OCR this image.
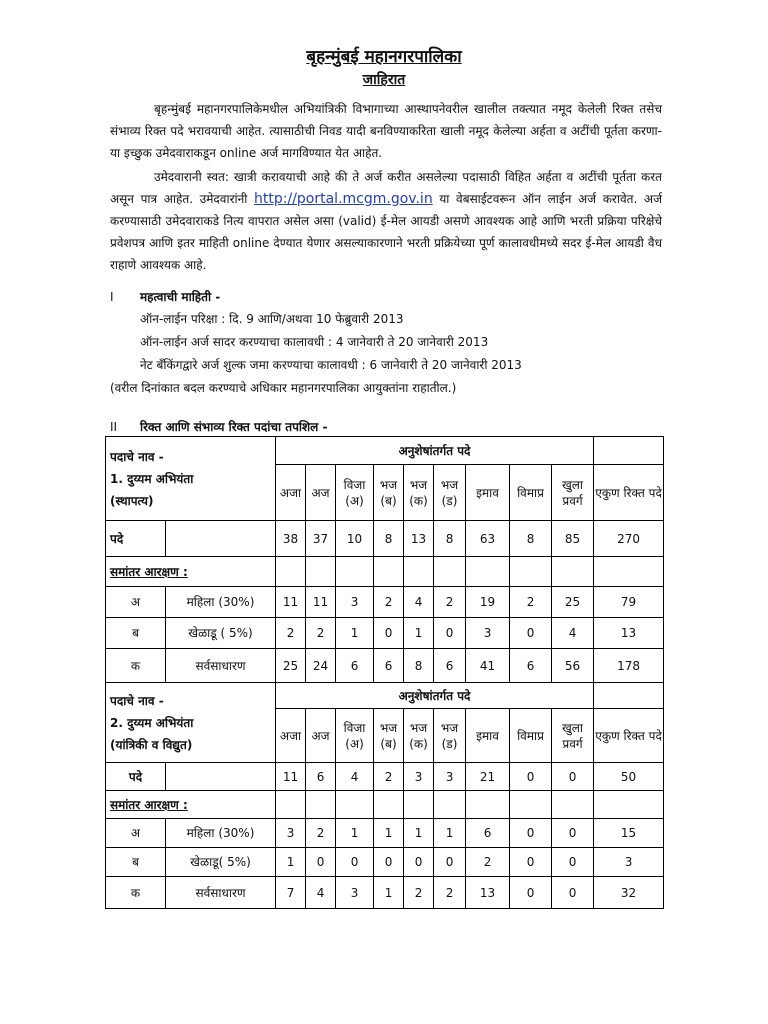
बृहन्मुंबई महानगरपालिका
जाहिरात
बृहन्मुंबई महानगरपालिकेमधील अभियांत्रिकी विभागाच्या आस्थापनेवरील खालील तक्त्यात नमूद केलेली रिक्त तसेच संभाव्य रिक्त पदे भरावयाची आहेत. त्यासाठीची निवड यादी बनविण्याकरिता खाली नमूद केलेल्या अर्हता व अटींची पूर्तता करणा-या इच्छुक उमेदवाराकडून online अर्ज मागविण्यात येत आहेत.
उमेदवारानी स्वत: खात्री करावयाची आहे की ते अर्ज करीत असलेल्या पदासाठी विहित अर्हता व अटींची पूर्तता करत असून पात्र आहेत. उमेदवारांनी http://portal.mcgm.gov.in या वेबसाईटवरून ऑन लाईन अर्ज करावेत. अर्ज करण्यासाठी उमेदवाराकडे नित्य वापरात असेल असा (valid) ई-मेल आयडी असणे आवश्यक आहे आणि भरती प्रक्रिया परिक्षेचे प्रवेशपत्र आणि इतर माहिती online देण्यात येणार असल्याकारणाने भरती प्रक्रियेच्या पूर्ण कालावधीमध्ये सदर ई-मेल आयडी वैध राहाणे आवश्यक आहे.
I महत्वाची माहिती -
ऑन-लाईन परिक्षा : दि. 9 आणि/अथवा 10 फेब्रुवारी 2013
ऑन-लाईन अर्ज सादर करण्याचा कालावधी : 4 जानेवारी ते 20 जानेवारी 2013
नेट बॅंकिंगद्वारे अर्ज शुल्क जमा करण्याचा कालावधी : 6 जानेवारी ते 20 जानेवारी 2013
(वरील दिनांकात बदल करण्याचे अधिकार महानगरपालिका आयुक्तांना राहातील.)
II रिक्त आणि संभाव्य रिक्त पदांचा तपशिल -
पदाचे नाव -
1. दुय्यम अभियंता
(स्थापत्य)		अनुशेषांतर्गत पदे									
		अजा	अज	विजा (अ)	भज (ब)	भज (क)	भज (ड)	इमाव	विमाप्र	खुला प्रवर्ग	एकुण रिक्त पदे
पदे		38	37	10	8	13	8	63	8	85	270
समांतर आरक्षण :											
अ	महिला (30%)	11	11	3	2	4	2	19	2	25	79
ब	खेळाडू ( 5%)	2	2	1	0	1	0	3	0	4	13
क	सर्वसाधारण	25	24	6	6	8	6	41	6	56	178

पदाचे नाव -
2. दुय्यम अभियंता
(यांत्रिकी व विद्युत)		अनुशेषांतर्गत पदे									
		अजा	अज	विजा (अ)	भज (ब)	भज (क)	भज (ड)	इमाव	विमाप्र	खुला प्रवर्ग	एकुण रिक्त पदे
पदे		11	6	4	2	3	3	21	0	0	50
समांतर आरक्षण :											
अ	महिला (30%)	3	2	1	1	1	1	6	0	0	15
ब	खेळाडू( 5%)	1	0	0	0	0	0	2	0	0	3
क	सर्वसाधारण	7	4	3	1	2	2	13	0	0	32
